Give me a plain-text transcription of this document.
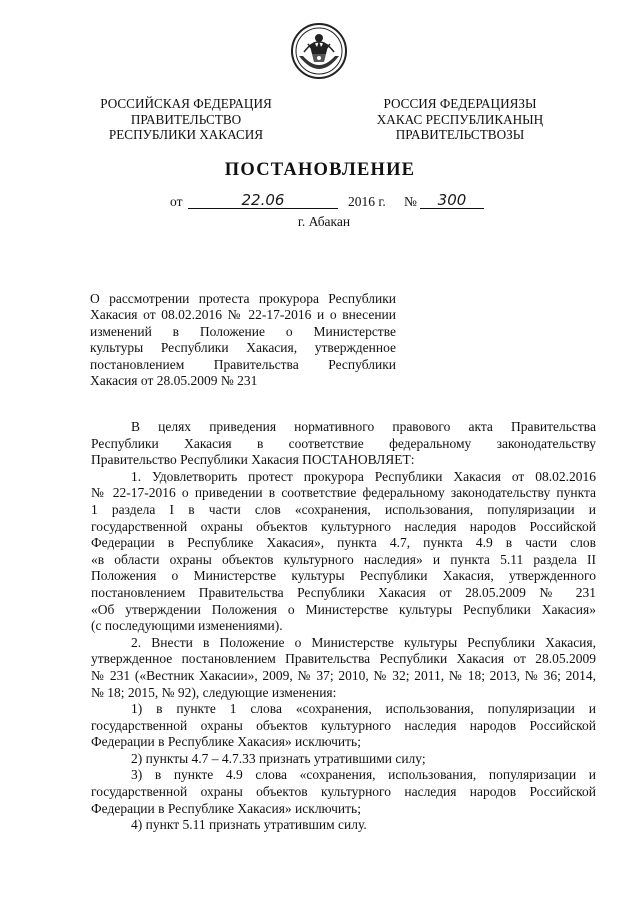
РОССИЙСКАЯ ФЕДЕРАЦИЯ
ПРАВИТЕЛЬСТВО
РЕСПУБЛИКИ ХАКАСИЯ
РОССИЯ ФЕДЕРАЦИЯЗЫ
ХАКАС РЕСПУБЛИКАНЫҢ
ПРАВИТЕЛЬСТВОЗЫ
ПОСТАНОВЛЕНИЕ
от	22.06	2016 г. №	300
г. Абакан
О рассмотрении протеста прокурора Республики
Хакасия от 08.02.2016 № 22-17-2016 и о внесении
изменений в Положение о Министерстве
культуры Республики Хакасия, утвержденное
постановлением Правительства Республики
Хакасия от 28.05.2009 № 231
В целях приведения нормативного правового акта Правительства
Республики Хакасия в соответствие федеральному законодательству
Правительство Республики Хакасия ПОСТАНОВЛЯЕТ:
1. Удовлетворить протест прокурора Республики Хакасия от 08.02.2016
№ 22-17-2016 о приведении в соответствие федеральному законодательству пункта
1 раздела I в части слов «сохранения, использования, популяризации и
государственной охраны объектов культурного наследия народов Российской
Федерации в Республике Хакасия», пункта 4.7, пункта 4.9 в части слов
«в области охраны объектов культурного наследия» и пункта 5.11 раздела II
Положения о Министерстве культуры Республики Хакасия, утвержденного
постановлением Правительства Республики Хакасия от 28.05.2009 № 231
«Об утверждении Положения о Министерстве культуры Республики Хакасия»
(с последующими изменениями).
2. Внести в Положение о Министерстве культуры Республики Хакасия,
утвержденное постановлением Правительства Республики Хакасия от 28.05.2009
№ 231 («Вестник Хакасии», 2009, № 37; 2010, № 32; 2011, № 18; 2013, № 36; 2014,
№ 18; 2015, № 92), следующие изменения:
1) в пункте 1 слова «сохранения, использования, популяризации и
государственной охраны объектов культурного наследия народов Российской
Федерации в Республике Хакасия» исключить;
2) пункты 4.7 – 4.7.33 признать утратившими силу;
3) в пункте 4.9 слова «сохранения, использования, популяризации и
государственной охраны объектов культурного наследия народов Российской
Федерации в Республике Хакасия» исключить;
4) пункт 5.11 признать утратившим силу.
